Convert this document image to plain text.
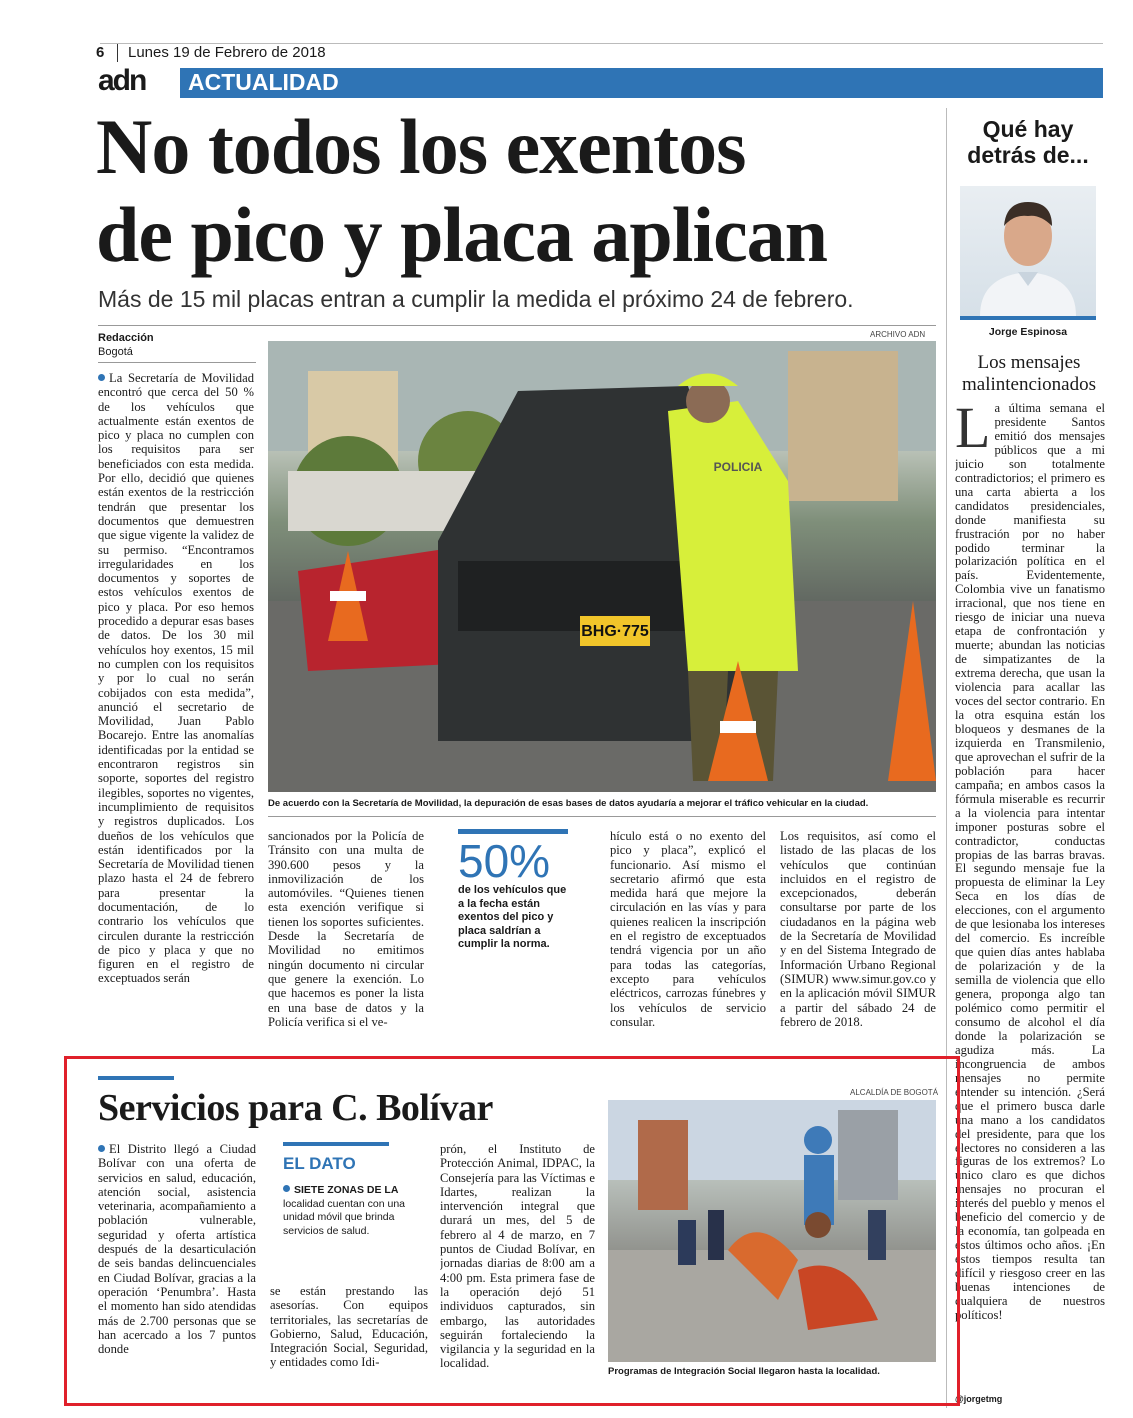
6 Lunes 19 de Febrero de 2018
adn ACTUALIDAD
No todos los exentos
de pico y placa aplican
Más de 15 mil placas entran a cumplir la medida el próximo 24 de febrero.
Redacción
Bogotá
ARCHIVO ADN
BHG·775
POLICIA
De acuerdo con la Secretaría de Movilidad, la depuración de esas bases de datos ayudaría a mejorar el tráfico vehicular en la ciudad.
La Secretaría de Movilidad encontró que cerca del 50 % de los vehículos que actualmente están exentos de pico y placa no cumplen con los requisitos para ser beneficiados con esta medida. Por ello, decidió que quienes están exentos de la restricción tendrán que presentar los documentos que demuestren que sigue vigente la validez de su permiso. “Encontramos irregularidades en los documentos y soportes de estos vehículos exentos de pico y placa. Por eso hemos procedido a depurar esas bases de datos. De los 30 mil vehículos hoy exentos, 15 mil no cumplen con los requisitos y por lo cual no serán cobijados con esta medida”, anunció el secretario de Movilidad, Juan Pablo Bocarejo. Entre las anomalías identificadas por la entidad se encontraron registros sin soporte, soportes del registro ilegibles, soportes no vigentes, incumplimiento de requisitos y registros duplicados. Los dueños de los vehículos que están identificados por la Secretaría de Movilidad tienen plazo hasta el 24 de febrero para presentar la documentación, de lo contrario los vehículos que circulen durante la restricción de pico y placa y que no figuren en el registro de exceptuados serán
sancionados por la Policía de Tránsito con una multa de 390.600 pesos y la inmovilización de los automóviles. “Quienes tienen esta exención verifique si tienen los soportes suficientes. Desde la Secretaría de Movilidad no emitimos ningún documento ni circular que genere la exención. Lo que hacemos es poner la lista en una base de datos y la Policía verifica si el ve-
50%
de los vehículos que a la fecha están exentos del pico y placa saldrían a cumplir la norma.
hículo está o no exento del pico y placa”, explicó el funcionario. Así mismo el secretario afirmó que esta medida hará que mejore la circulación en las vías y para quienes realicen la inscripción en el registro de exceptuados tendrá vigencia por un año para todas las categorías, excepto para vehículos eléctricos, carrozas fúnebres y los vehículos de servicio consular.
Los requisitos, así como el listado de las placas de los vehículos que continúan incluidos en el registro de excepcionados, deberán consultarse por parte de los ciudadanos en la página web de la Secretaría de Movilidad y en del Sistema Integrado de Información Urbano Regional (SIMUR) www.simur.gov.co y en la aplicación móvil SIMUR a partir del sábado 24 de febrero de 2018.
Qué hay
detrás de...
Jorge Espinosa
Los mensajes malintencionados
La última semana el presidente Santos emitió dos mensajes públicos que a mi juicio son totalmente contradictorios; el primero es una carta abierta a los candidatos presidenciales, donde manifiesta su frustración por no haber podido terminar la polarización política en el país. Evidentemente, Colombia vive un fanatismo irracional, que nos tiene en riesgo de iniciar una nueva etapa de confrontación y muerte; abundan las noticias de simpatizantes de la extrema derecha, que usan la violencia para acallar las voces del sector contrario. En la otra esquina están los bloqueos y desmanes de la izquierda en Transmilenio, que aprovechan el sufrir de la población para hacer campaña; en ambos casos la fórmula miserable es recurrir a la violencia para intentar imponer posturas sobre el contradictor, conductas propias de las barras bravas. El segundo mensaje fue la propuesta de eliminar la Ley Seca en los días de elecciones, con el argumento de que lesionaba los intereses del comercio. Es increíble que quien días antes hablaba de polarización y de la semilla de violencia que ello genera, proponga algo tan polémico como permitir el consumo de alcohol el día donde la polarización se agudiza más. La incongruencia de ambos mensajes no permite entender su intención. ¿Será que el primero busca darle una mano a los candidatos del presidente, para que los electores no consideren a las figuras de los extremos? Lo único claro es que dichos mensajes no procuran el interés del pueblo y menos el beneficio del comercio y de la economía, tan golpeada en estos últimos ocho años. ¡En estos tiempos resulta tan difícil y riesgoso creer en las buenas intenciones de cualquiera de nuestros políticos!
@jorgetmg
Servicios para C. Bolívar	ALCALDÍA DE BOGOTÁ
El Distrito llegó a Ciudad Bolívar con una oferta de servicios en salud, educación, atención social, asistencia veterinaria, acompañamiento a población vulnerable, seguridad y oferta artística después de la desarticulación de seis bandas delincuenciales en Ciudad Bolívar, gracias a la operación ‘Penumbra’. Hasta el momento han sido atendidas más de 2.700 personas que se han acercado a los 7 puntos donde
EL DATO
SIETE ZONAS DE LA localidad cuentan con una unidad móvil que brinda servicios de salud.
se están prestando las asesorías. Con equipos territoriales, las secretarías de Gobierno, Salud, Educación, Integración Social, Seguridad, y entidades como Idi-
prón, el Instituto de Protección Animal, IDPAC, la Consejería para las Víctimas e Idartes, realizan la intervención integral que durará un mes, del 5 de febrero al 4 de marzo, en 7 puntos de Ciudad Bolívar, en jornadas diarias de 8:00 am a 4:00 pm. Esta primera fase de la operación dejó 51 individuos capturados, sin embargo, las autoridades seguirán fortaleciendo la vigilancia y la seguridad en la localidad.
Programas de Integración Social llegaron hasta la localidad.
